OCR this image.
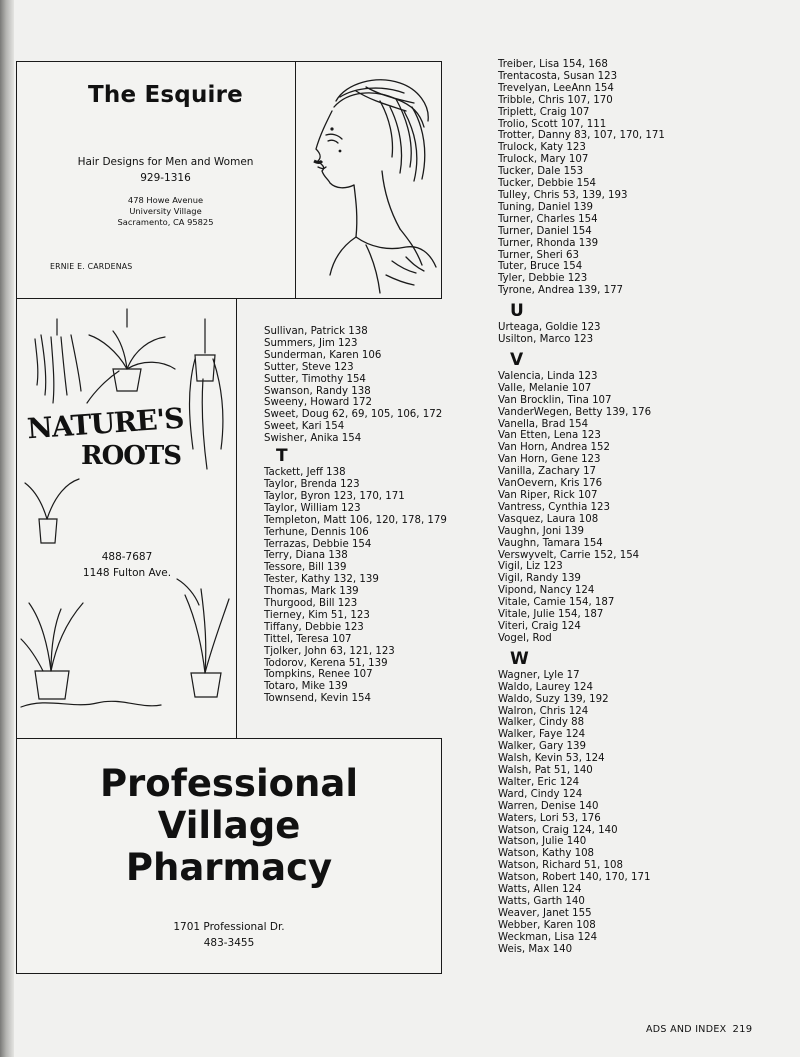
The Esquire
Hair Designs for Men and Women
929-1316
478 Howe Avenue
University Village
Sacramento, CA 95825
ERNIE E. CARDENAS
NATURE'S
ROOTS
488-7687
1148 Fulton Ave.
Professional
Village
Pharmacy
1701 Professional Dr.
483-3455
Sullivan, Patrick 138
Summers, Jim 123
Sunderman, Karen 106
Sutter, Steve 123
Sutter, Timothy 154
Swanson, Randy 138
Sweeny, Howard 172
Sweet, Doug 62, 69, 105, 106, 172
Sweet, Kari 154
Swisher, Anika 154
T
Tackett, Jeff 138
Taylor, Brenda 123
Taylor, Byron 123, 170, 171
Taylor, William 123
Templeton, Matt 106, 120, 178, 179
Terhune, Dennis 106
Terrazas, Debbie 154
Terry, Diana 138
Tessore, Bill 139
Tester, Kathy 132, 139
Thomas, Mark 139
Thurgood, Bill 123
Tierney, Kim 51, 123
Tiffany, Debbie 123
Tittel, Teresa 107
Tjolker, John 63, 121, 123
Todorov, Kerena 51, 139
Tompkins, Renee 107
Totaro, Mike 139
Townsend, Kevin 154
Treiber, Lisa 154, 168
Trentacosta, Susan 123
Trevelyan, LeeAnn 154
Tribble, Chris 107, 170
Triplett, Craig 107
Trolio, Scott 107, 111
Trotter, Danny 83, 107, 170, 171
Trulock, Katy 123
Trulock, Mary 107
Tucker, Dale 153
Tucker, Debbie 154
Tulley, Chris 53, 139, 193
Tuning, Daniel 139
Turner, Charles 154
Turner, Daniel 154
Turner, Rhonda 139
Turner, Sheri 63
Tuter, Bruce 154
Tyler, Debbie 123
Tyrone, Andrea 139, 177
U
Urteaga, Goldie 123
Usilton, Marco 123
V
Valencia, Linda 123
Valle, Melanie 107
Van Brocklin, Tina 107
VanderWegen, Betty 139, 176
Vanella, Brad 154
Van Etten, Lena 123
Van Horn, Andrea 152
Van Horn, Gene 123
Vanilla, Zachary 17
VanOevern, Kris 176
Van Riper, Rick 107
Vantress, Cynthia 123
Vasquez, Laura 108
Vaughn, Joni 139
Vaughn, Tamara 154
Verswyvelt, Carrie 152, 154
Vigil, Liz 123
Vigil, Randy 139
Vipond, Nancy 124
Vitale, Camie 154, 187
Vitale, Julie 154, 187
Viteri, Craig 124
Vogel, Rod
W
Wagner, Lyle 17
Waldo, Laurey 124
Waldo, Suzy 139, 192
Walron, Chris 124
Walker, Cindy 88
Walker, Faye 124
Walker, Gary 139
Walsh, Kevin 53, 124
Walsh, Pat 51, 140
Walter, Eric 124
Ward, Cindy 124
Warren, Denise 140
Waters, Lori 53, 176
Watson, Craig 124, 140
Watson, Julie 140
Watson, Kathy 108
Watson, Richard 51, 108
Watson, Robert 140, 170, 171
Watts, Allen 124
Watts, Garth 140
Weaver, Janet 155
Webber, Karen 108
Weckman, Lisa 124
Weis, Max 140
ADS AND INDEX 219
